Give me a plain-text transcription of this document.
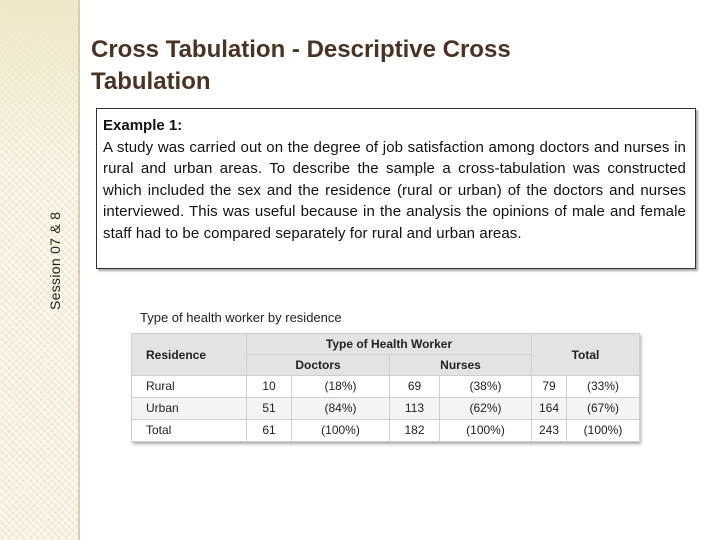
Session 07 & 8
Cross Tabulation - Descriptive Cross Tabulation
Example 1:
A study was carried out on the degree of job satisfaction among doctors and nurses in rural and urban areas. To describe the sample a cross-tabulation was constructed which included the sex and the residence (rural or urban) of the doctors and nurses interviewed. This was useful because in the analysis the opinions of male and female staff had to be compared separately for rural and urban areas.
Type of health worker by residence
Residence	Type of Health Worker				Total	
	Doctors		Nurses			
Rural	10	(18%)	69	(38%)	79	(33%)
Urban	51	(84%)	113	(62%)	164	(67%)
Total	61	(100%)	182	(100%)	243	(100%)
